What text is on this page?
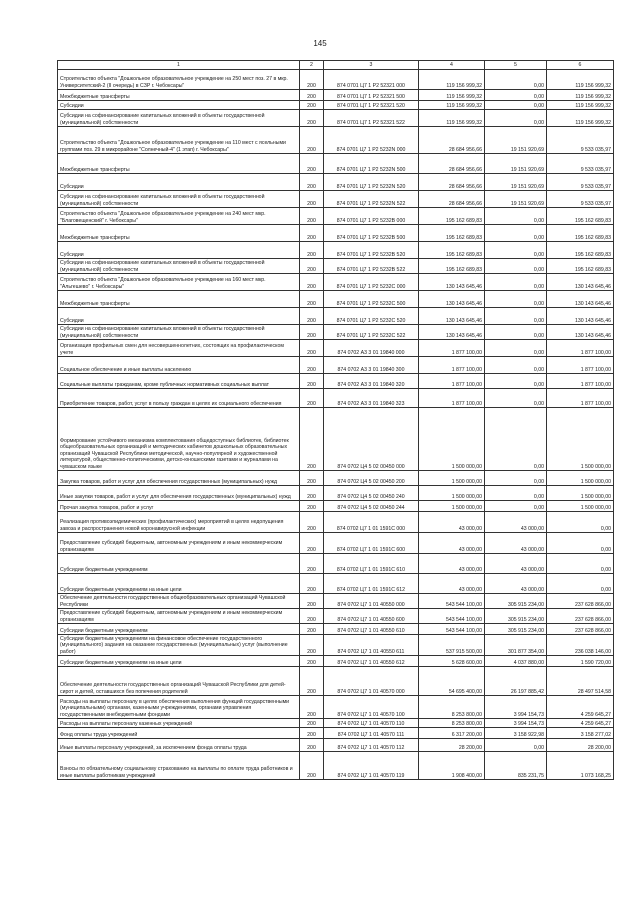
145
1	2	3	4	5	6
Строительство объекта "Дошкольное образовательное учреждение на 250 мест поз. 27 в мкр. Университетский-2 (II очередь) в СЗР г. Чебоксары"	200	874 0701 Ц7 1 P2 52321 000	119 156 999,32	0,00	119 156 999,32
Межбюджетные трансферты	200	874 0701 Ц7 1 P2 52321 500	119 156 999,32	0,00	119 156 999,32
Субсидии	200	874 0701 Ц7 1 P2 52321 520	119 156 999,32	0,00	119 156 999,32
Субсидии на софинансирование капитальных вложений в объекты государственной (муниципальной) собственности	200	874 0701 Ц7 1 P2 52321 522	119 156 999,32	0,00	119 156 999,32
Строительство объекта "Дошкольное образовательное учреждение на 110 мест с ясельными группами поз. 29 в микрорайоне "Солнечный-4" (1 этап) г. Чебоксары"	200	874 0701 Ц7 1 P2 5232N 000	28 684 956,66	19 151 920,69	9 533 035,97
Межбюджетные трансферты	200	874 0701 Ц7 1 P2 5232N 500	28 684 956,66	19 151 920,69	9 533 035,97
Субсидии	200	874 0701 Ц7 1 P2 5232N 520	28 684 956,66	19 151 920,69	9 533 035,97
Субсидии на софинансирование капитальных вложений в объекты государственной (муниципальной) собственности	200	874 0701 Ц7 1 P2 5232N 522	28 684 956,66	19 151 920,69	9 533 035,97
Строительство объекта "Дошкольное образовательное учреждение на 240 мест мкр. "Благовещенский" г. Чебоксары"	200	874 0701 Ц7 1 P2 5232B 000	195 162 689,83	0,00	195 162 689,83
Межбюджетные трансферты	200	874 0701 Ц7 1 P2 5232B 500	195 162 689,83	0,00	195 162 689,83
Субсидии	200	874 0701 Ц7 1 P2 5232B 520	195 162 689,83	0,00	195 162 689,83
Субсидии на софинансирование капитальных вложений в объекты государственной (муниципальной) собственности	200	874 0701 Ц7 1 P2 5232B 522	195 162 689,83	0,00	195 162 689,83
Строительство объекта "Дошкольное образовательное учреждение на 160 мест мкр. "Альгешево" г. Чебоксары"	200	874 0701 Ц7 1 P2 5232C 000	130 143 645,46	0,00	130 143 645,46
Межбюджетные трансферты	200	874 0701 Ц7 1 P2 5232C 500	130 143 645,46	0,00	130 143 645,46
Субсидии	200	874 0701 Ц7 1 P2 5232C 520	130 143 645,46	0,00	130 143 645,46
Субсидии на софинансирование капитальных вложений в объекты государственной (муниципальной) собственности	200	874 0701 Ц7 1 P2 5232C 522	130 143 645,46	0,00	130 143 645,46
Организация профильных смен для несовершеннолетних, состоящих на профилактическом учете	200	874 0702 А3 3 01 19840 000	1 877 100,00	0,00	1 877 100,00
Социальное обеспечение и иные выплаты населению	200	874 0702 А3 3 01 19840 300	1 877 100,00	0,00	1 877 100,00
Социальные выплаты гражданам, кроме публичных нормативных социальных выплат	200	874 0702 А3 3 01 19840 320	1 877 100,00	0,00	1 877 100,00
Приобретение товаров, работ, услуг в пользу граждан в целях их социального обеспечения	200	874 0702 А3 3 01 19840 323	1 877 100,00	0,00	1 877 100,00
Формирование устойчивого механизма комплектования общедоступных библиотек, библиотек общеобразовательных организаций и методических кабинетов дошкольных образовательных организаций Чувашской Республики методической, научно-популярной и художественной литературой, общественно-политическими, детско-юношескими газетами и журналами на чувашском языке	200	874 0702 Ц4 5 02 00450 000	1 500 000,00	0,00	1 500 000,00
Закупка товаров, работ и услуг для обеспечения государственных (муниципальных) нужд	200	874 0702 Ц4 5 02 00450 200	1 500 000,00	0,00	1 500 000,00
Иные закупки товаров, работ и услуг для обеспечения государственных (муниципальных) нужд	200	874 0702 Ц4 5 02 00450 240	1 500 000,00	0,00	1 500 000,00
Прочая закупка товаров, работ и услуг	200	874 0702 Ц4 5 02 00450 244	1 500 000,00	0,00	1 500 000,00
Реализация противоэпидемических (профилактических) мероприятий в целях недопущения завоза и распространения новой коронавирусной инфекции	200	874 0702 Ц7 1 01 1591C 000	43 000,00	43 000,00	0,00
Предоставление субсидий бюджетным, автономным учреждениям и иным некоммерческим организациям	200	874 0702 Ц7 1 01 1591C 600	43 000,00	43 000,00	0,00
Субсидии бюджетным учреждениям	200	874 0702 Ц7 1 01 1591C 610	43 000,00	43 000,00	0,00
Субсидии бюджетным учреждениям на иные цели	200	874 0702 Ц7 1 01 1591C 612	43 000,00	43 000,00	0,00
Обеспечение деятельности государственных общеобразовательных организаций Чувашской Республики	200	874 0702 Ц7 1 01 40550 000	543 544 100,00	305 915 234,00	237 628 866,00
Предоставление субсидий бюджетным, автономным учреждениям и иным некоммерческим организациям	200	874 0702 Ц7 1 01 40550 600	543 544 100,00	305 915 234,00	237 628 866,00
Субсидии бюджетным учреждениям	200	874 0702 Ц7 1 01 40550 610	543 544 100,00	305 915 234,00	237 628 866,00
Субсидии бюджетным учреждениям на финансовое обеспечение государственного (муниципального) задания на оказание государственных (муниципальных) услуг (выполнение работ)	200	874 0702 Ц7 1 01 40550 611	537 915 500,00	301 877 354,00	236 038 146,00
Субсидии бюджетным учреждениям на иные цели	200	874 0702 Ц7 1 01 40550 612	5 628 600,00	4 037 880,00	1 590 720,00
Обеспечение деятельности государственных организаций Чувашской Республики для детей-сирот и детей, оставшихся без попечения родителей	200	874 0702 Ц7 1 01 40570 000	54 695 400,00	26 197 885,42	28 497 514,58
Расходы на выплаты персоналу в целях обеспечения выполнения функций государственными (муниципальными) органами, казенными учреждениями, органами управления государственными внебюджетными фондами	200	874 0702 Ц7 1 01 40570 100	8 253 800,00	3 994 154,73	4 259 645,27
Расходы на выплаты персоналу казенных учреждений	200	874 0702 Ц7 1 01 40570 110	8 253 800,00	3 994 154,73	4 259 645,27
Фонд оплаты труда учреждений	200	874 0702 Ц7 1 01 40570 111	6 317 200,00	3 158 922,98	3 158 277,02
Иные выплаты персоналу учреждений, за исключением фонда оплаты труда	200	874 0702 Ц7 1 01 40570 112	28 200,00	0,00	28 200,00
Взносы по обязательному социальному страхованию на выплаты по оплате труда работников и иные выплаты работникам учреждений	200	874 0702 Ц7 1 01 40570 119	1 908 400,00	835 231,75	1 073 168,25
